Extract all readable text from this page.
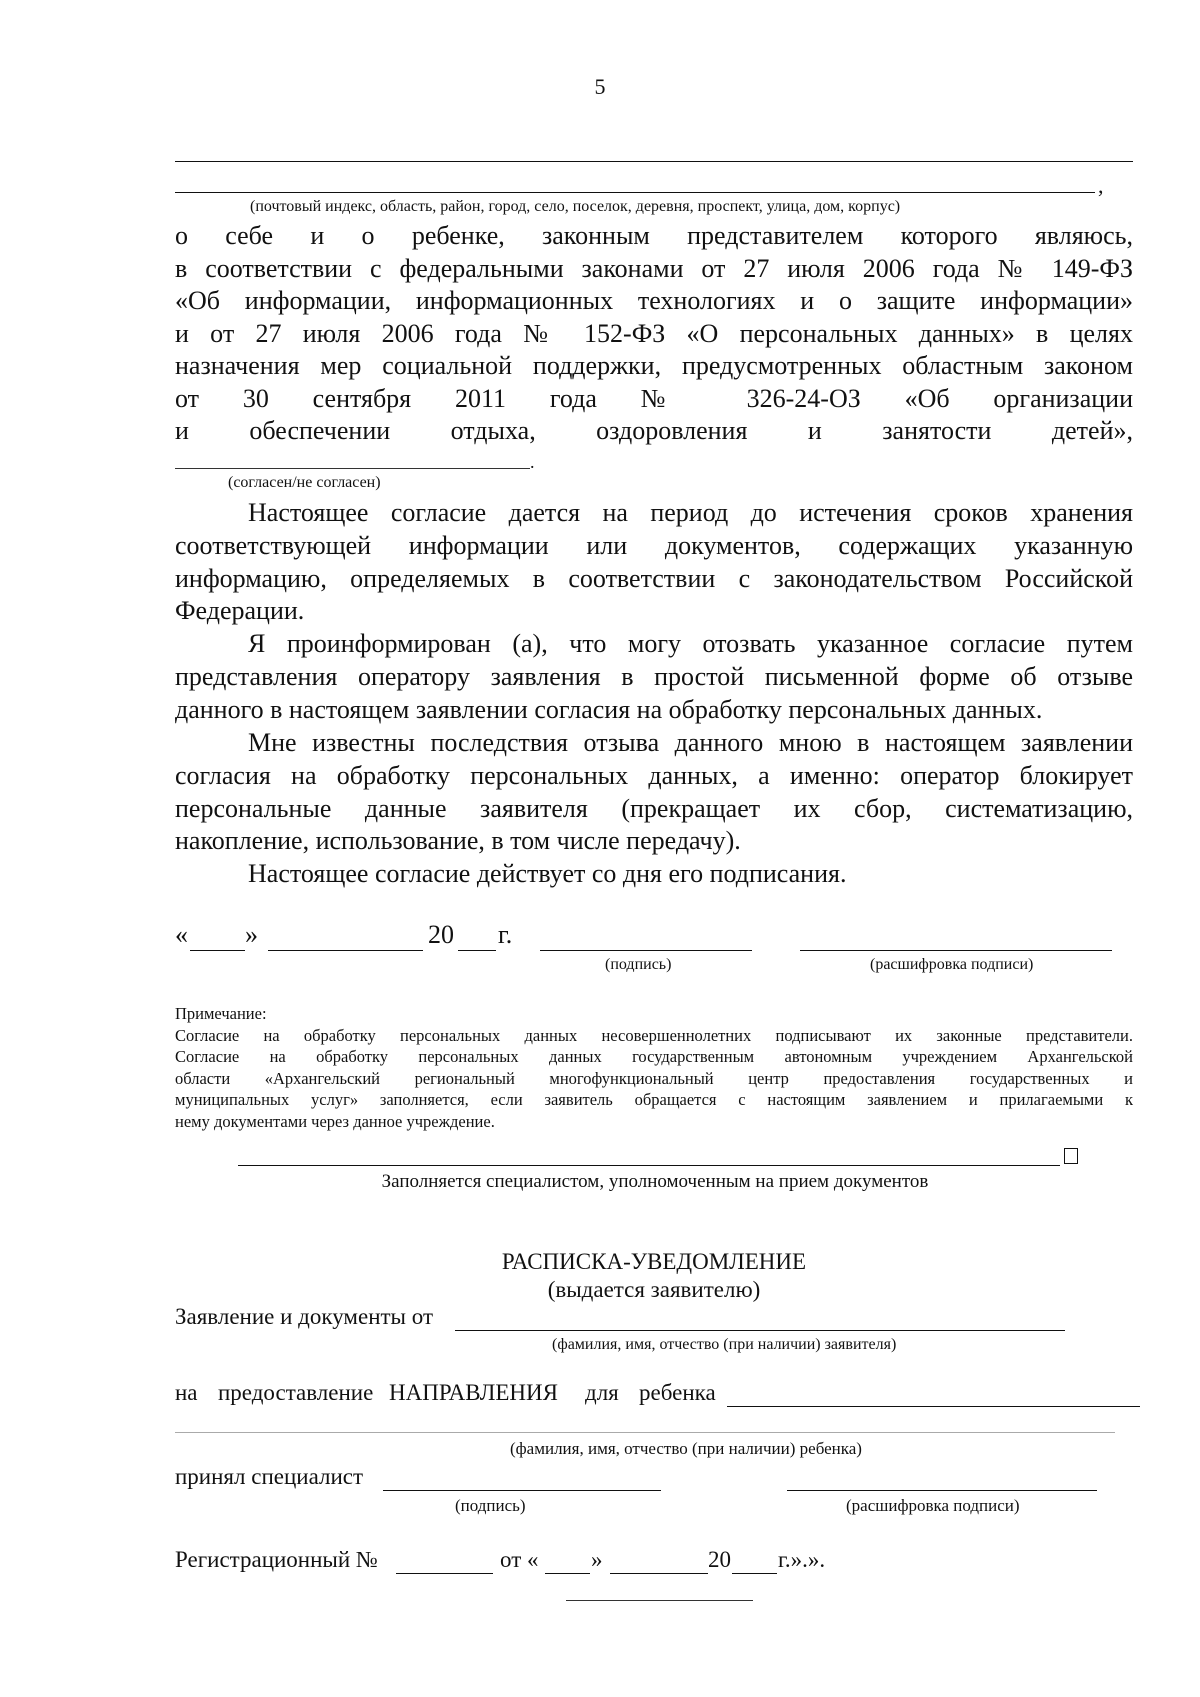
5
,
(почтовый индекс, область, район, город, село, поселок, деревня, проспект, улица, дом, корпус)
о себе и о ребенке, законным представителем которого являюсь,
в соответствии с федеральными законами от 27 июля 2006 года № 149-ФЗ
«Об информации, информационных технологиях и о защите информации»
и от 27 июля 2006 года № 152-ФЗ «О персональных данных» в целях
назначения мер социальной поддержки, предусмотренных областным законом
от 30 сентября 2011 года № 326-24-ОЗ «Об организации
и обеспечении отдыха, оздоровления и занятости детей»,
.
(согласен/не согласен)
Настоящее согласие дается на период до истечения сроков хранения
соответствующей информации или документов, содержащих указанную
информацию, определяемых в соответствии с законодательством Российской
Федерации.
Я проинформирован (а), что могу отозвать указанное согласие путем
представления оператору заявления в простой письменной форме об отзыве
данного в настоящем заявлении согласия на обработку персональных данных.
Мне известны последствия отзыва данного мною в настоящем заявлении
согласия на обработку персональных данных, а именно: оператор блокирует
персональные данные заявителя (прекращает их сбор, систематизацию,
накопление, использование, в том числе передачу).
Настоящее согласие действует со дня его подписания.
« »	20 г.
(подпись)	(расшифровка подписи)
Примечание:
Согласие на обработку персональных данных несовершеннолетних подписывают их законные представители.
Согласие на обработку персональных данных государственным автономным учреждением Архангельской
области «Архангельский региональный многофункциональный центр предоставления государственных и
муниципальных услуг» заполняется, если заявитель обращается с настоящим заявлением и прилагаемыми к
нему документами через данное учреждение.
Заполняется специалистом, уполномоченным на прием документов
РАСПИСКА-УВЕДОМЛЕНИЕ
(выдается заявителю)
Заявление и документы от
(фамилия, имя, отчество (при наличии) заявителя)
на предоставление НАПРАВЛЕНИЯ для ребенка
(фамилия, имя, отчество (при наличии) ребенка)
принял специалист
(подпись)	(расшифровка подписи)
Регистрационный №	от « »	20 г.».».
